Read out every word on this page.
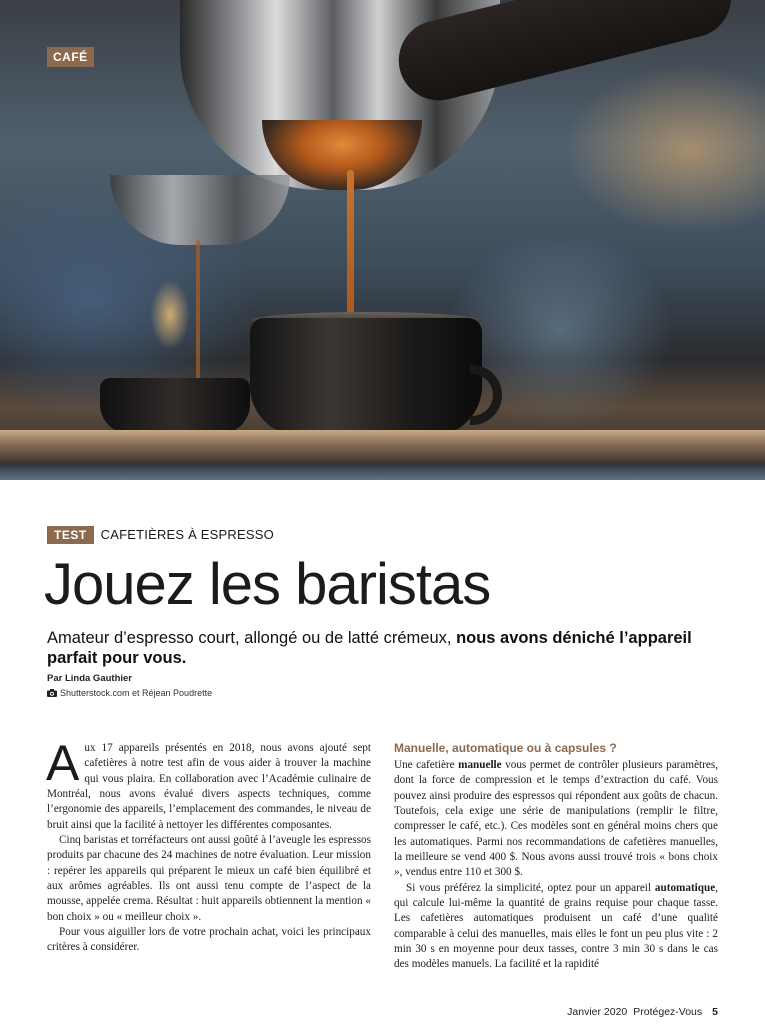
CAFÉ
TEST	CAFETIÈRES À ESPRESSO
Jouez les baristas

Amateur d’espresso court, allongé ou de latté crémeux, nous avons déniché l’appareil parfait pour vous.

Par Linda Gauthier
Shutterstock.com et Réjean Poudrette

Aux 17 appareils présentés en 2018, nous avons ajouté sept cafetières à notre test afin de vous aider à trouver la machine qui vous plaira. En collaboration avec l’Académie culinaire de Montréal, nous avons évalué divers aspects techniques, comme l’ergonomie des appareils, l’emplacement des commandes, le niveau de bruit ainsi que la facilité à nettoyer les différentes composantes.

Cinq baristas et torréfacteurs ont aussi goûté à l’aveugle les espressos produits par chacune des 24 machines de notre évaluation. Leur mission : repérer les appareils qui préparent le mieux un café bien équilibré et aux arômes agréables. Ils ont aussi tenu compte de l’aspect de la mousse, appelée crema. Résultat : huit appareils obtiennent la mention « bon choix » ou « meilleur choix ».

Pour vous aiguiller lors de votre prochain achat, voici les principaux critères à considérer.

Manuelle, automatique ou à capsules ?

Une cafetière manuelle vous permet de contrôler plusieurs paramètres, dont la force de compression et le temps d’extraction du café. Vous pouvez ainsi produire des espressos qui répondent aux goûts de chacun. Toutefois, cela exige une série de manipulations (remplir le filtre, compresser le café, etc.). Ces modèles sont en général moins chers que les automatiques. Parmi nos recommandations de cafetières manuelles, la meilleure se vend 400 $. Nous avons aussi trouvé trois « bons choix », vendus entre 110 et 300 $.

Si vous préférez la simplicité, optez pour un appareil automatique, qui calcule lui-même la quantité de grains requise pour chaque tasse. Les cafetières automatiques produisent un café d’une qualité comparable à celui des manuelles, mais elles le font un peu plus vite : 2 min 30 s en moyenne pour deux tasses, contre 3 min 30 s dans le cas des modèles manuels. La facilité et la rapidité

Janvier 2020 Protégez-Vous 5
